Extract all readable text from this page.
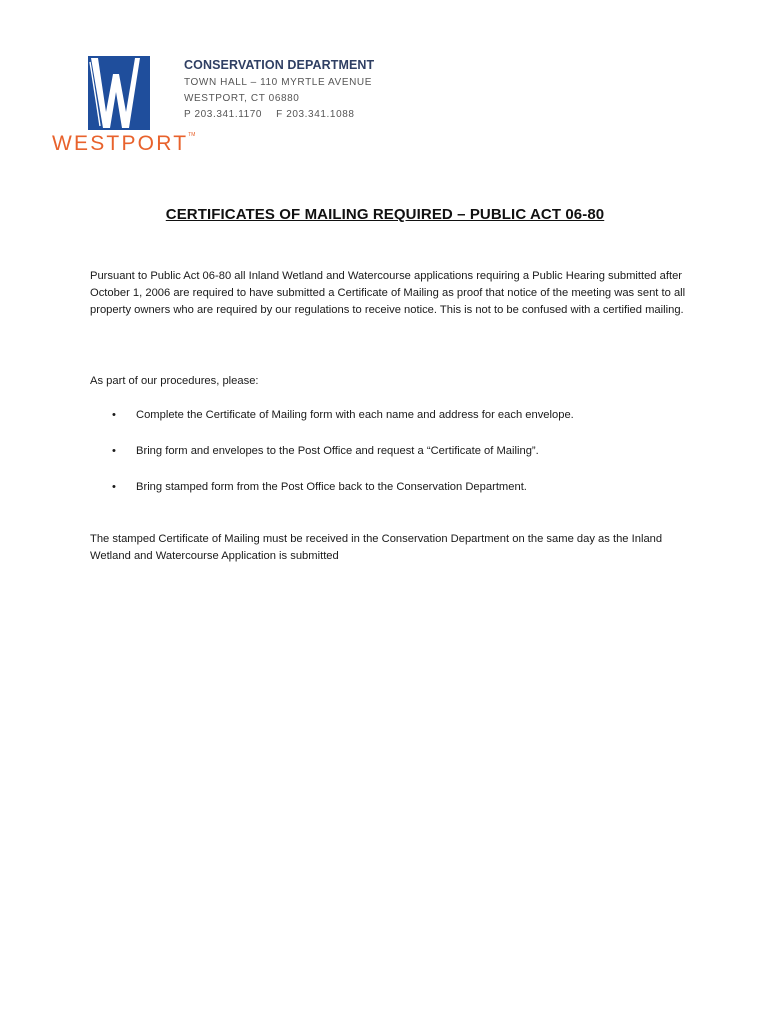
WESTPORT™
CONSERVATION DEPARTMENT
TOWN HALL – 110 MYRTLE AVENUE
WESTPORT, CT 06880
P 203.341.1170 F 203.341.1088
CERTIFICATES OF MAILING REQUIRED – PUBLIC ACT 06-80
Pursuant to Public Act 06-80 all Inland Wetland and Watercourse applications requiring a Public Hearing submitted after October 1, 2006 are required to have submitted a Certificate of Mailing as proof that notice of the meeting was sent to all property owners who are required by our regulations to receive notice. This is not to be confused with a certified mailing.
As part of our procedures, please:
• Complete the Certificate of Mailing form with each name and address for each envelope.
• Bring form and envelopes to the Post Office and request a “Certificate of Mailing”.
• Bring stamped form from the Post Office back to the Conservation Department.
The stamped Certificate of Mailing must be received in the Conservation Department on the same day as the Inland Wetland and Watercourse Application is submitted
